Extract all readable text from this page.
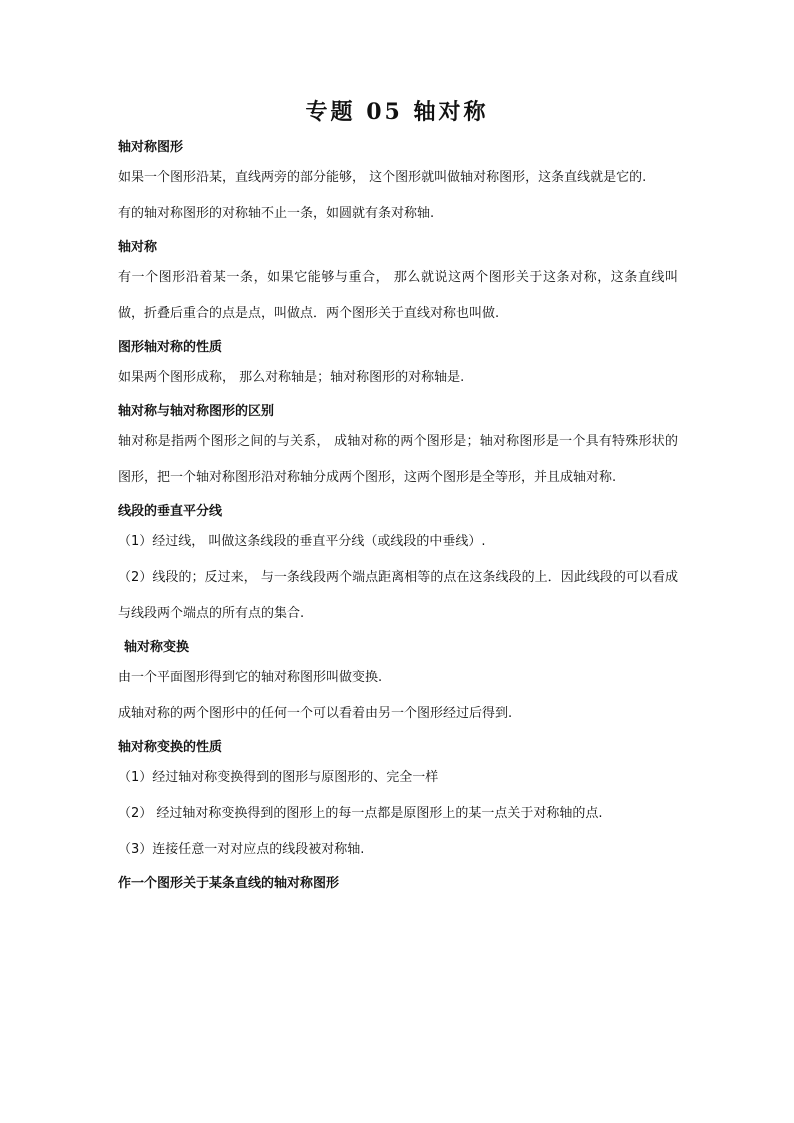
专题 05 轴对称
轴对称图形
如果一个图形沿某，直线两旁的部分能够， 这个图形就叫做轴对称图形，这条直线就是它的.
有的轴对称图形的对称轴不止一条，如圆就有条对称轴.
轴对称
有一个图形沿着某一条，如果它能够与重合， 那么就说这两个图形关于这条对称，这条直线叫做，折叠后重合的点是点，叫做点．两个图形关于直线对称也叫做.
图形轴对称的性质
如果两个图形成称， 那么对称轴是；轴对称图形的对称轴是.
轴对称与轴对称图形的区别
轴对称是指两个图形之间的与关系， 成轴对称的两个图形是；轴对称图形是一个具有特殊形状的图形，把一个轴对称图形沿对称轴分成两个图形，这两个图形是全等形，并且成轴对称.
线段的垂直平分线
（1）经过线， 叫做这条线段的垂直平分线（或线段的中垂线）.
（2）线段的；反过来， 与一条线段两个端点距离相等的点在这条线段的上．因此线段的可以看成与线段两个端点的所有点的集合.
轴对称变换
由一个平面图形得到它的轴对称图形叫做变换.
成轴对称的两个图形中的任何一个可以看着由另一个图形经过后得到.
轴对称变换的性质
（1）经过轴对称变换得到的图形与原图形的、完全一样
（2） 经过轴对称变换得到的图形上的每一点都是原图形上的某一点关于对称轴的点.
（3）连接任意一对对应点的线段被对称轴.
作一个图形关于某条直线的轴对称图形
